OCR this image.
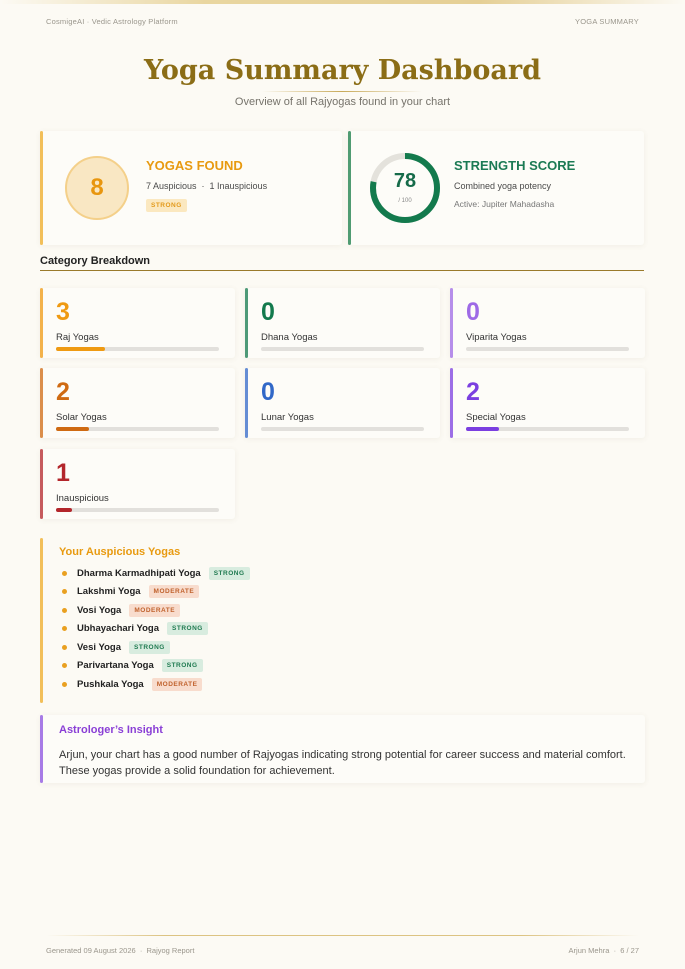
CosmigeAI · Vedic Astrology Platform	YOGA SUMMARY
Yoga Summary Dashboard
Overview of all Rajyogas found in your chart
8
YOGAS FOUND
7 Auspicious  ·  1 Inauspicious
STRONG
78
/ 100
STRENGTH SCORE
Combined yoga potency
Active: Jupiter Mahadasha
Category Breakdown
3
Raj Yogas
0
Dhana Yogas
0
Viparita Yogas
2
Solar Yogas
0
Lunar Yogas
2
Special Yogas
1
Inauspicious
Your Auspicious Yogas
Dharma Karmadhipati Yoga	STRONG
Lakshmi Yoga	MODERATE
Vosi Yoga	MODERATE
Ubhayachari Yoga	STRONG
Vesi Yoga	STRONG
Parivartana Yoga	STRONG
Pushkala Yoga	MODERATE
Astrologer’s Insight
Arjun, your chart has a good number of Rajyogas indicating strong potential for career success and material comfort. These yogas provide a solid foundation for achievement.
Generated 09 August 2026  ·  Rajyog Report	Arjun Mehra  ·  6 / 27
